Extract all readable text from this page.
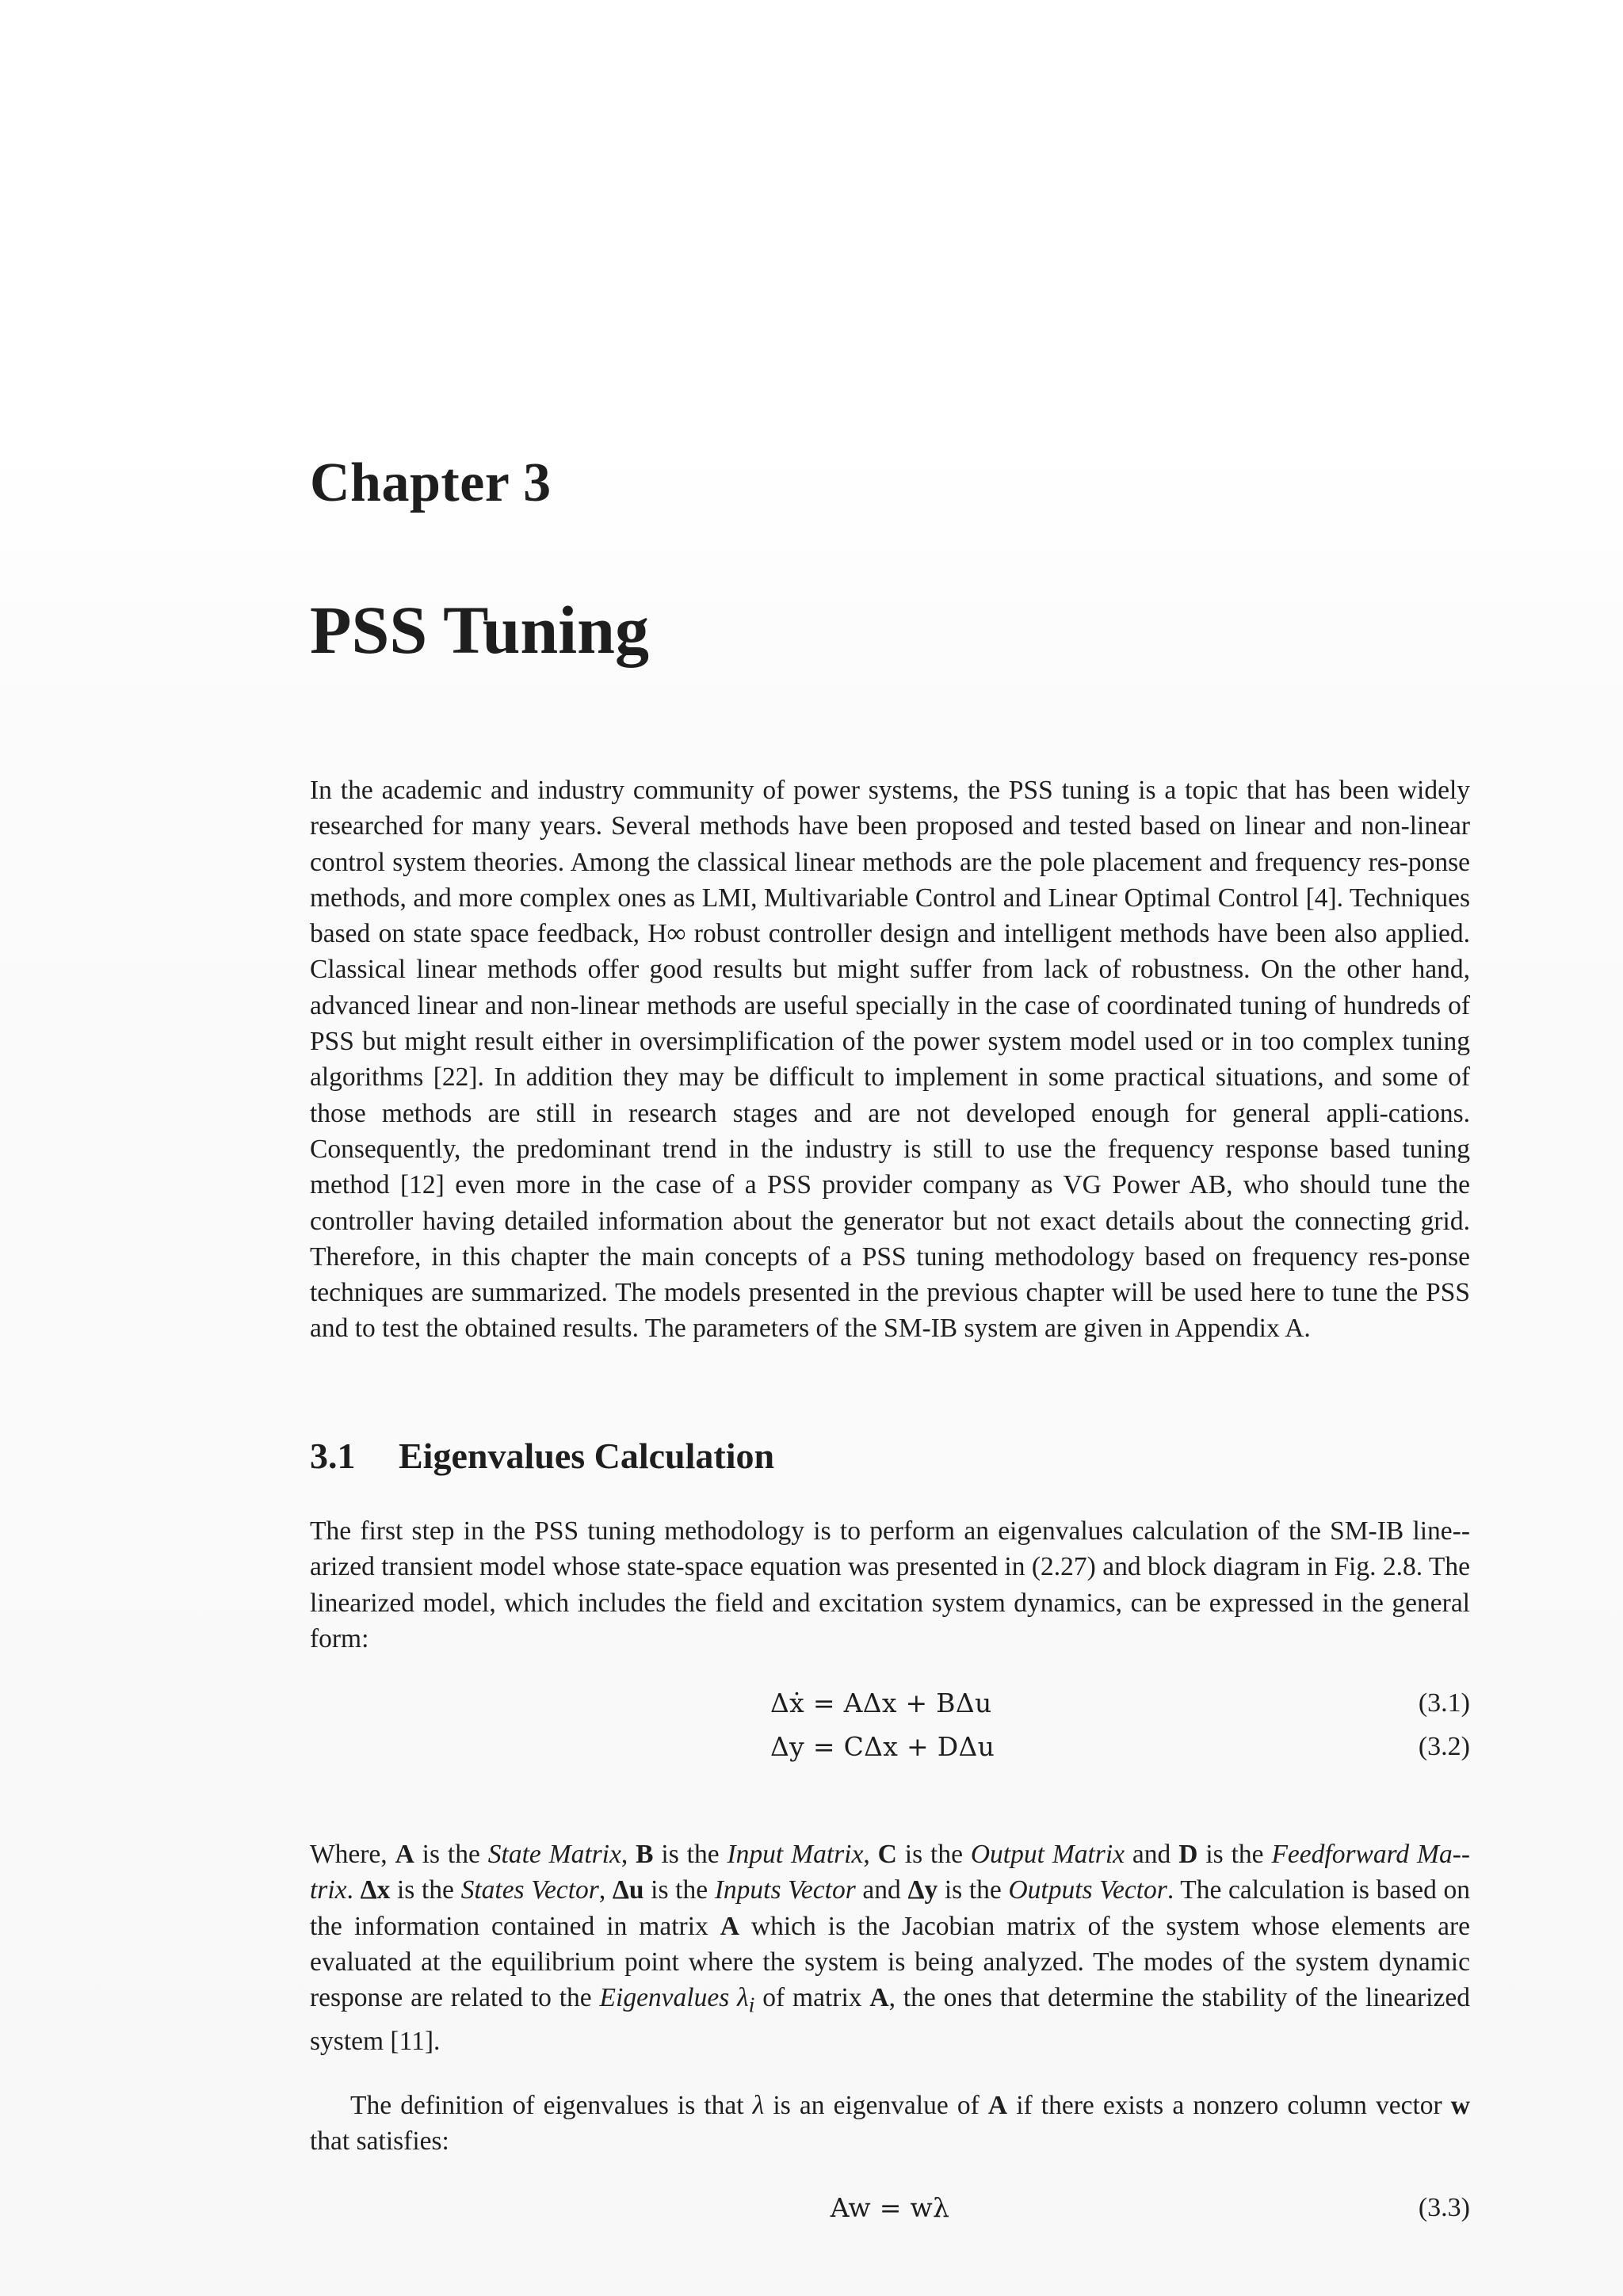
Chapter 3
PSS Tuning

In the academic and industry community of power systems, the PSS tuning is a topic that has been widely researched for many years. Several methods have been proposed and tested based on linear and non-linear control system theories. Among the classical linear methods are the pole placement and frequency res-ponse methods, and more complex ones as LMI, Multivariable Control and Linear Optimal Control [4]. Techniques based on state space feedback, H∞ robust controller design and intelligent methods have been also applied. Classical linear methods offer good results but might suffer from lack of robustness. On the other hand, advanced linear and non-linear methods are useful specially in the case of coordinated tuning of hundreds of PSS but might result either in oversimplification of the power system model used or in too complex tuning algorithms [22]. In addition they may be difficult to implement in some practical situations, and some of those methods are still in research stages and are not developed enough for general appli-cations. Consequently, the predominant trend in the industry is still to use the frequency response based tuning method [12] even more in the case of a PSS provider company as VG Power AB, who should tune the controller having detailed information about the generator but not exact details about the connecting grid. Therefore, in this chapter the main concepts of a PSS tuning methodology based on frequency res-ponse techniques are summarized. The models presented in the previous chapter will be used here to tune the PSS and to test the obtained results. The parameters of the SM-IB system are given in Appendix A.

3.1 Eigenvalues Calculation

The first step in the PSS tuning methodology is to perform an eigenvalues calculation of the SM-IB line-arized transient model whose state-space equation was presented in (2.27) and block diagram in Fig. 2.8. The linearized model, which includes the field and excitation system dynamics, can be expressed in the general form:

Δẋ = AΔx + BΔu	(3.1)
Δy = CΔx + DΔu	(3.2)

Where, A is the State Matrix, B is the Input Matrix, C is the Output Matrix and D is the Feedforward Ma-trix. Δx is the States Vector, Δu is the Inputs Vector and Δy is the Outputs Vector. The calculation is based on the information contained in matrix A which is the Jacobian matrix of the system whose elements are evaluated at the equilibrium point where the system is being analyzed. The modes of the system dynamic response are related to the Eigenvalues $\lambda_i$ of matrix A, the ones that determine the stability of the linearized system [11].

The definition of eigenvalues is that λ is an eigenvalue of A if there exists a nonzero column vector w that satisfies:

Aw = wλ	(3.3)
